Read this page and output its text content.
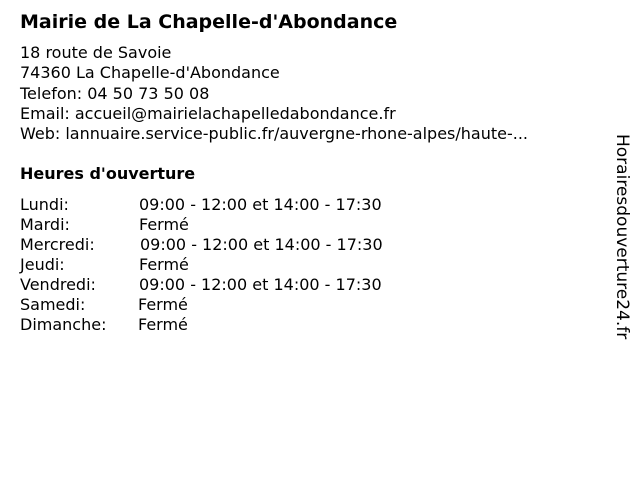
Mairie de La Chapelle-d'Abondance
18 route de Savoie
74360 La Chapelle-d'Abondance
Telefon: 04 50 73 50 08
Email: accueil@mairielachapelledabondance.fr
Web: lannuaire.service-public.fr/auvergne-rhone-alpes/haute-...
Heures d'ouverture
Lundi:	09:00 - 12:00 et 14:00 - 17:30
Mardi:	Fermé
Mercredi:	09:00 - 12:00 et 14:00 - 17:30
Jeudi:	Fermé
Vendredi:	09:00 - 12:00 et 14:00 - 17:30
Samedi:	Fermé
Dimanche: Fermé	Horairesdouverture24.fr
